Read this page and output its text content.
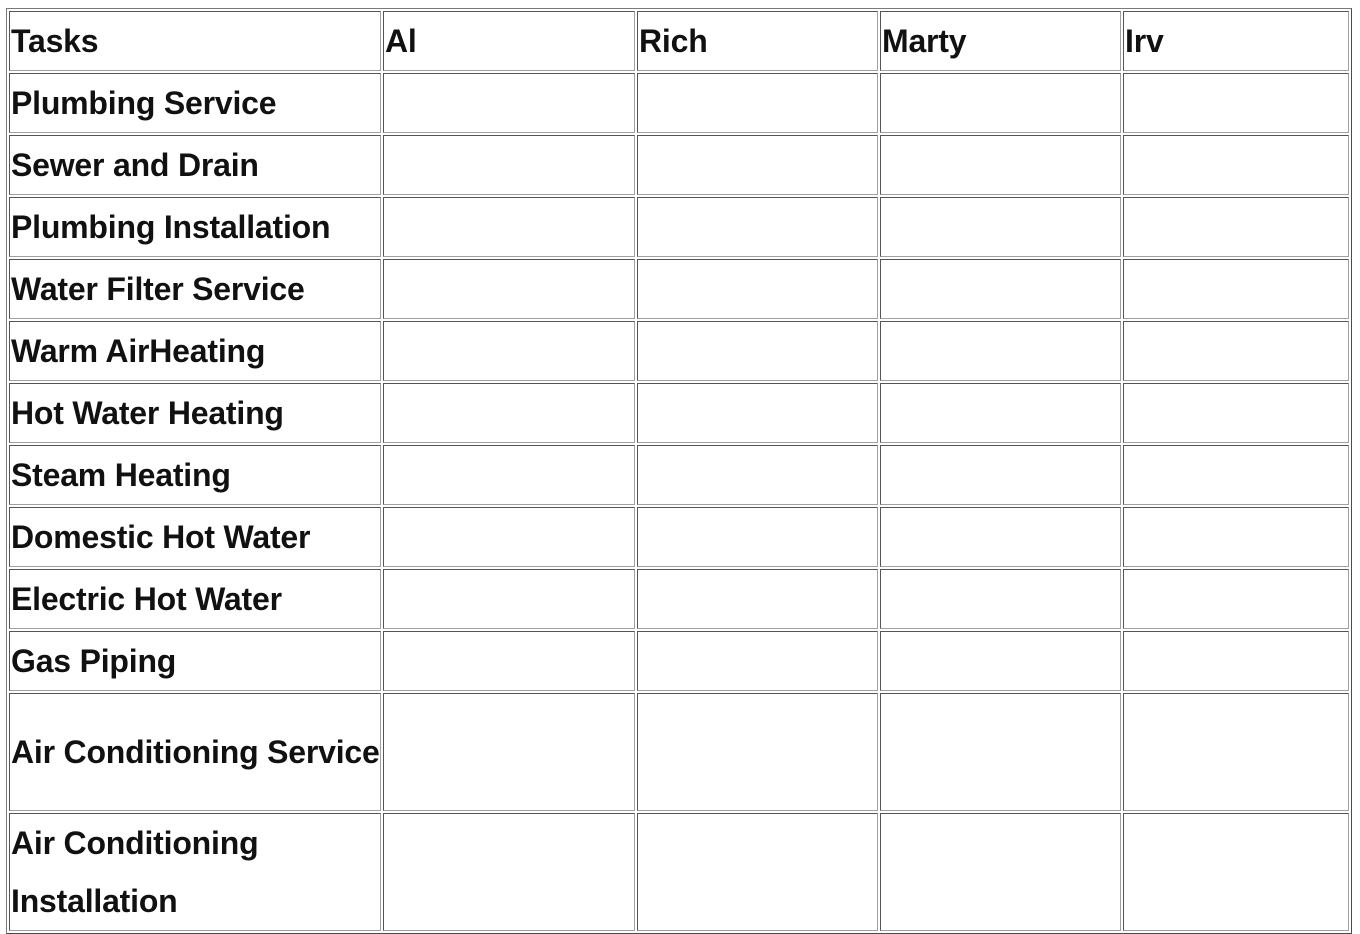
Tasks	Al	Rich	Marty	Irv
Plumbing Service				
Sewer and Drain				
Plumbing Installation				
Water Filter Service				
Warm AirHeating				
Hot Water Heating				
Steam Heating				
Domestic Hot Water				
Electric Hot Water				
Gas Piping				
Air Conditioning Service				
Air Conditioning Installation				
